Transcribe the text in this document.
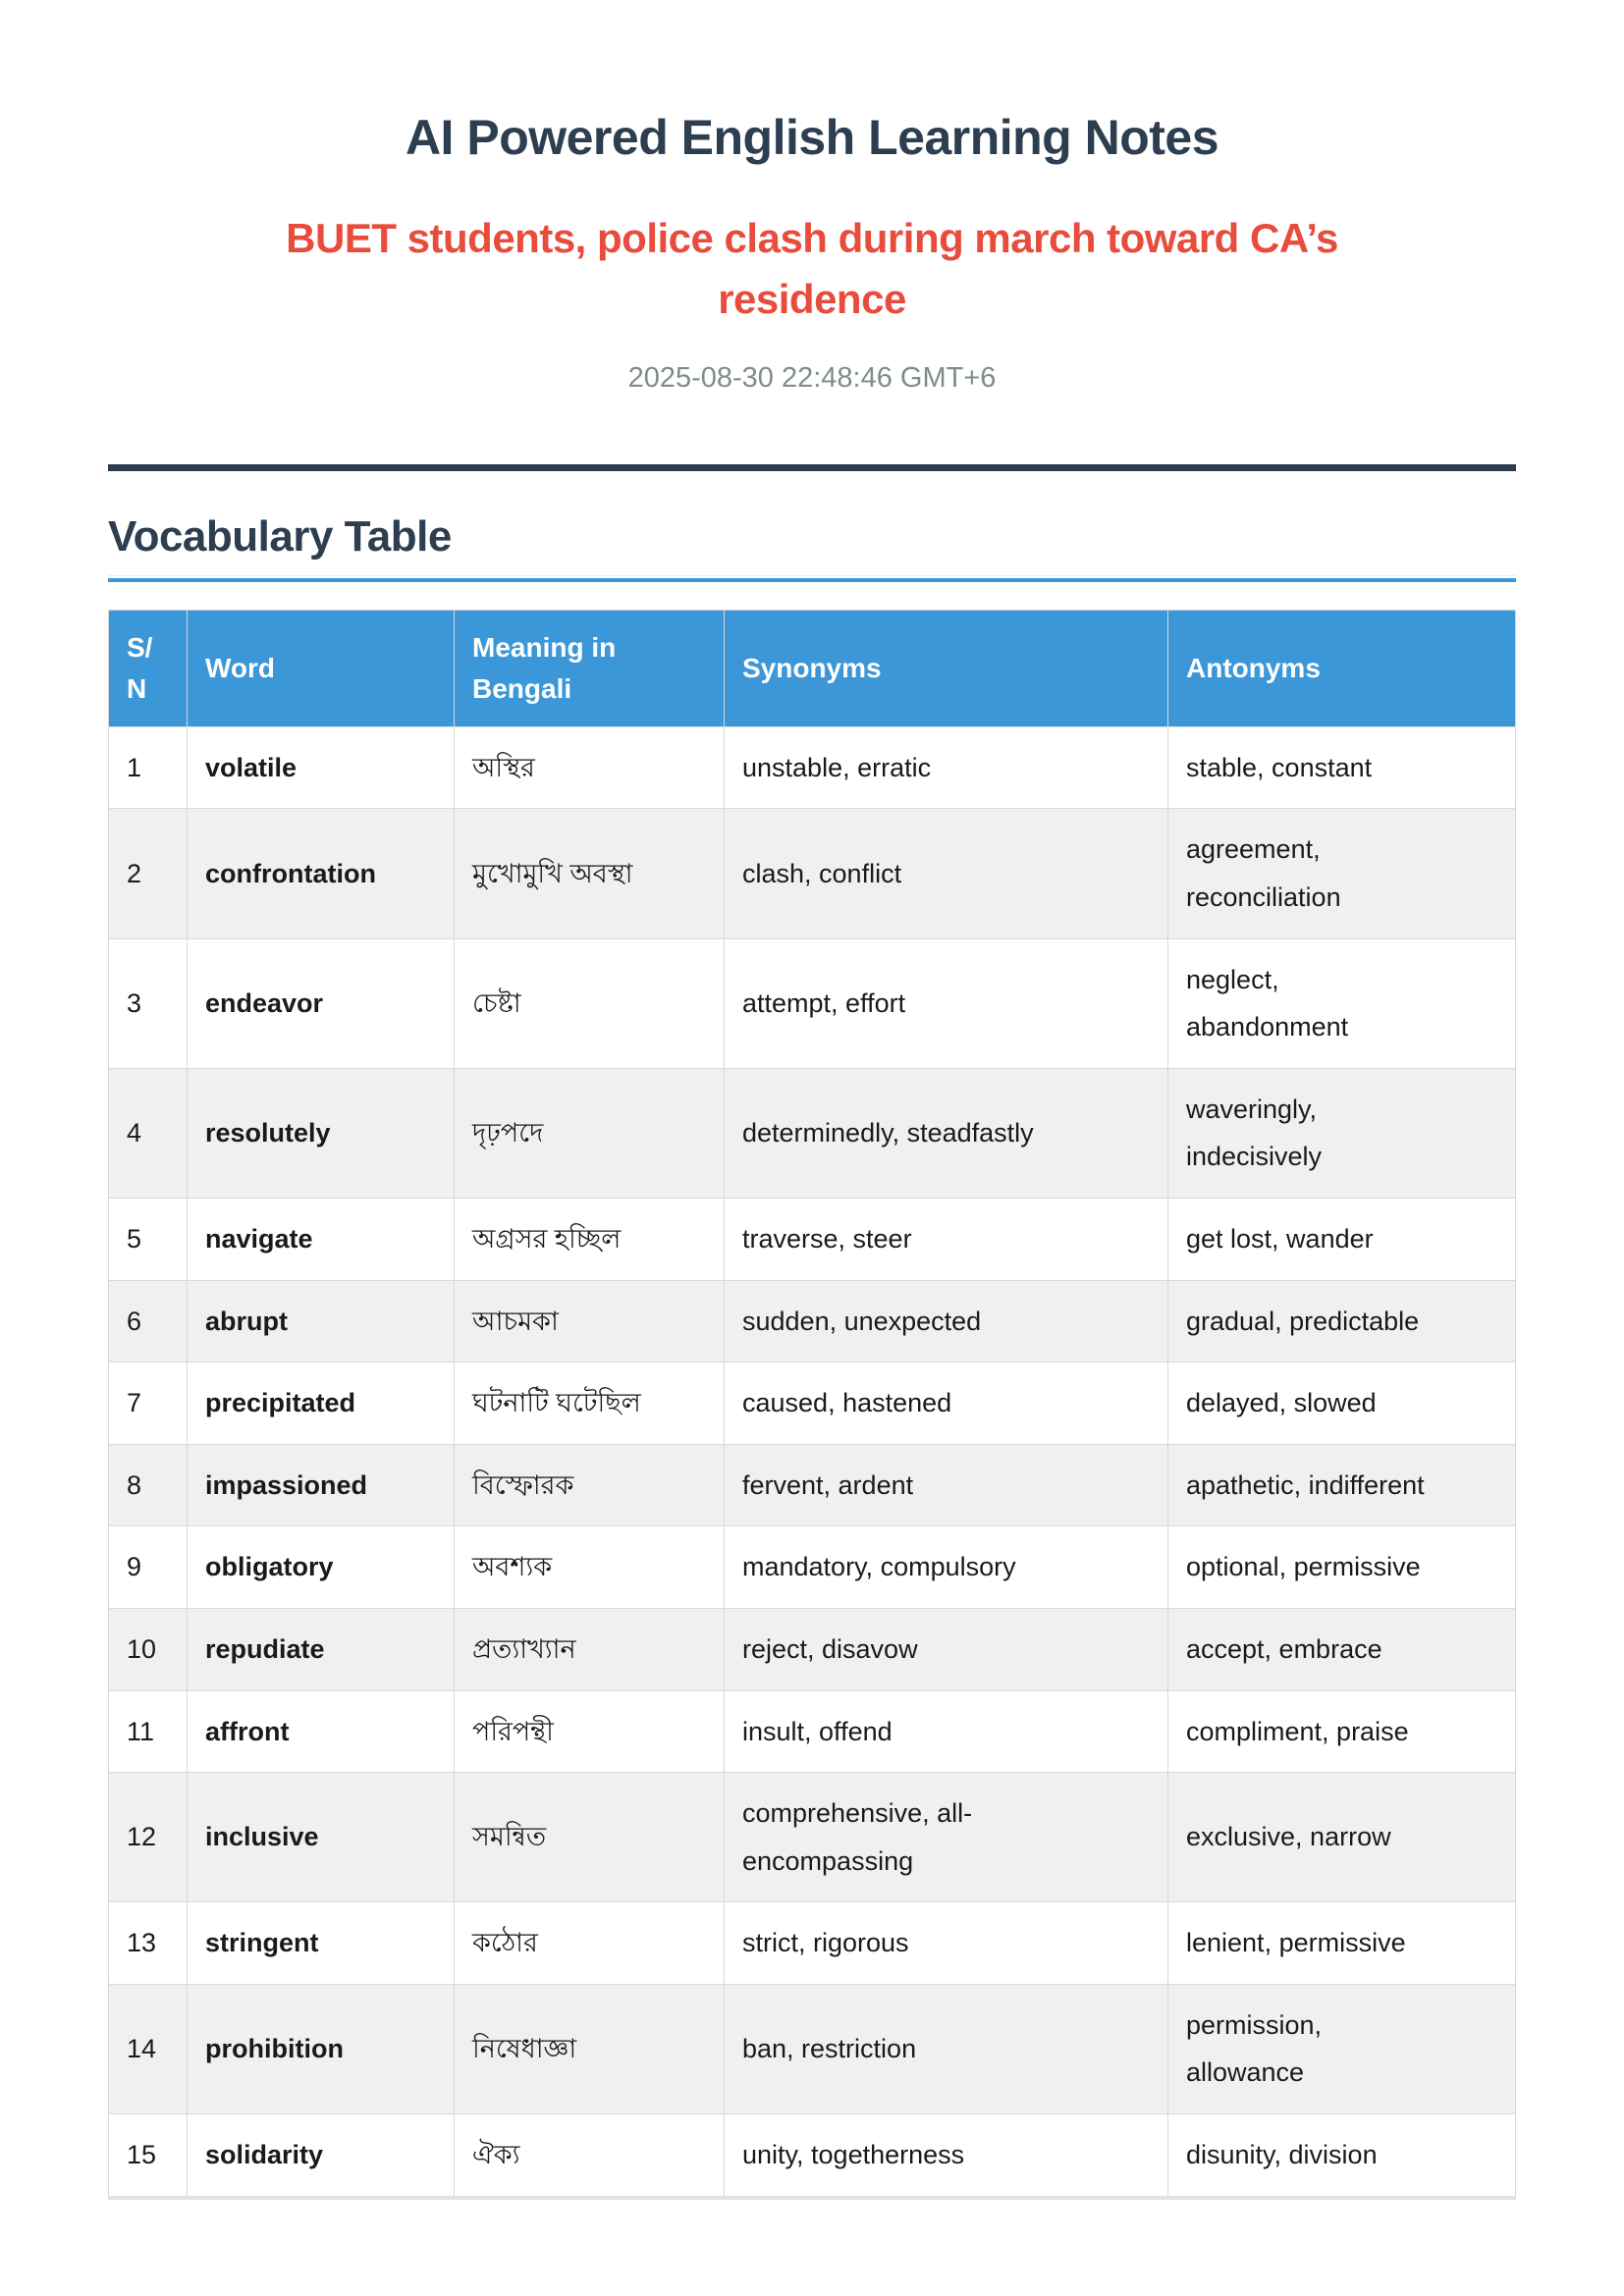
AI Powered English Learning Notes
BUET students, police clash during march toward CA’s residence
2025-08-30 22:48:46 GMT+6
Vocabulary Table
S/N	Word	Meaning in Bengali	Synonyms	Antonyms
1	volatile	অস্থির	unstable, erratic	stable, constant
2	confrontation	মুখোমুখি অবস্থা	clash, conflict	agreement, reconciliation
3	endeavor	চেষ্টা	attempt, effort	neglect, abandonment
4	resolutely	দৃঢ়পদে	determinedly, steadfastly	waveringly, indecisively
5	navigate	অগ্রসর হচ্ছিল	traverse, steer	get lost, wander
6	abrupt	আচমকা	sudden, unexpected	gradual, predictable
7	precipitated	ঘটনাটি ঘটেছিল	caused, hastened	delayed, slowed
8	impassioned	বিস্ফোরক	fervent, ardent	apathetic, indifferent
9	obligatory	অবশ্যক	mandatory, compulsory	optional, permissive
10	repudiate	প্রত্যাখ্যান	reject, disavow	accept, embrace
11	affront	পরিপন্থী	insult, offend	compliment, praise
12	inclusive	সমন্বিত	comprehensive, all-encompassing	exclusive, narrow
13	stringent	কঠোর	strict, rigorous	lenient, permissive
14	prohibition	নিষেধাজ্ঞা	ban, restriction	permission, allowance
15	solidarity	ঐক্য	unity, togetherness	disunity, division
